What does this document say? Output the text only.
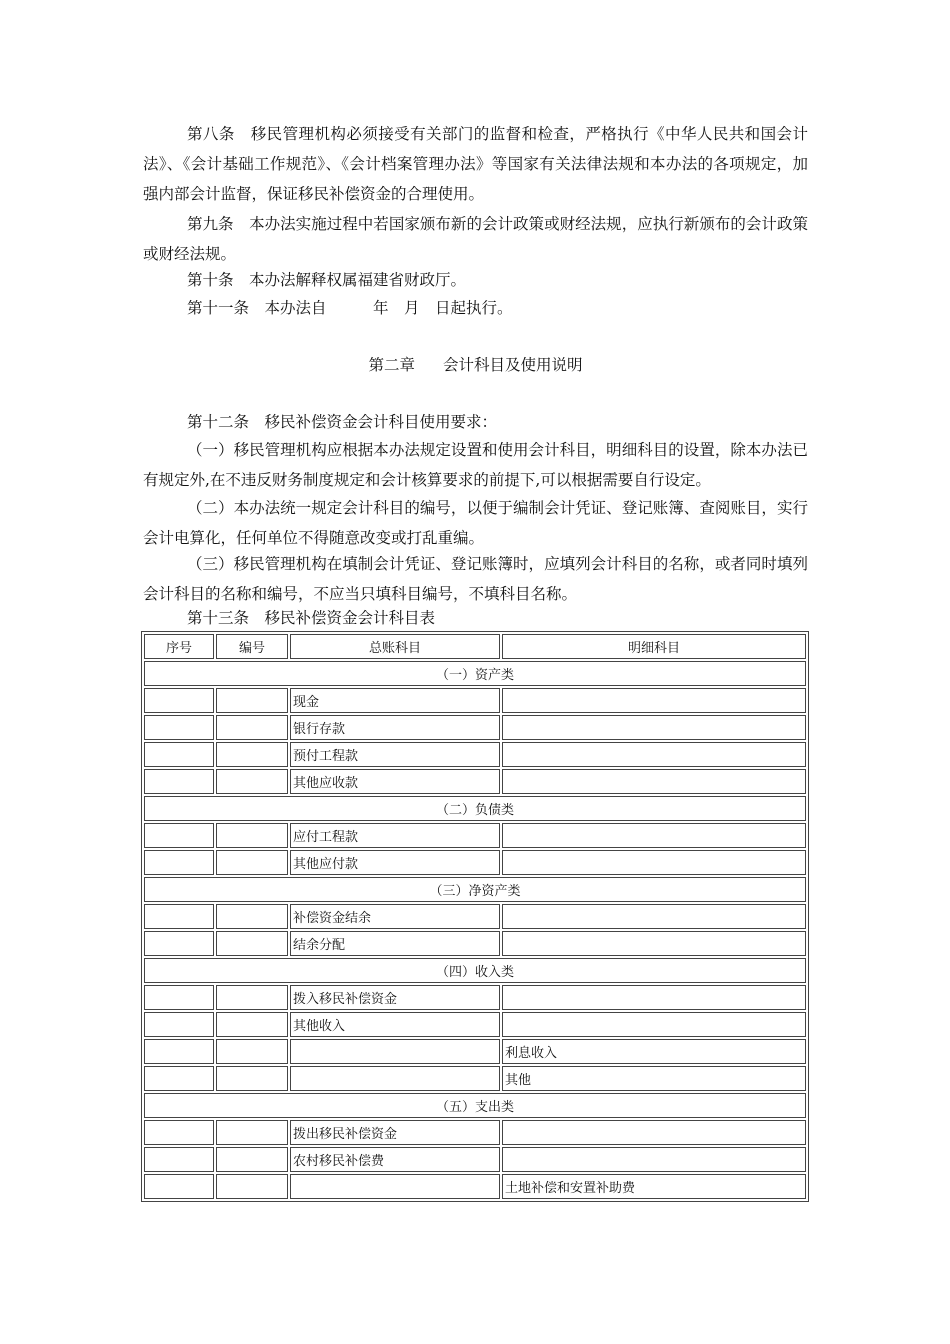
第八条　移民管理机构必须接受有关部门的监督和检查，严格执行《中华人民共和国会计法》、《会计基础工作规范》、《会计档案管理办法》等国家有关法律法规和本办法的各项规定，加强内部会计监督，保证移民补偿资金的合理使用。

第九条　本办法实施过程中若国家颁布新的会计政策或财经法规，应执行新颁布的会计政策或财经法规。

第十条　本办法解释权属福建省财政厅。

第十一条　本办法自　　　年　月　日起执行。

第二章 会计科目及使用说明

第十二条　移民补偿资金会计科目使用要求：

（一）移民管理机构应根据本办法规定设置和使用会计科目，明细科目的设置，除本办法已有规定外,在不违反财务制度规定和会计核算要求的前提下,可以根据需要自行设定。

（二）本办法统一规定会计科目的编号，以便于编制会计凭证、登记账簿、查阅账目，实行会计电算化，任何单位不得随意改变或打乱重编。

（三）移民管理机构在填制会计凭证、登记账簿时，应填列会计科目的名称，或者同时填列会计科目的名称和编号，不应当只填科目编号，不填科目名称。

第十三条　移民补偿资金会计科目表

序号	编号	总账科目	明细科目
（一）资产类			
		现金	
		银行存款	
		预付工程款	
		其他应收款	
（二）负债类			
		应付工程款	
		其他应付款	
（三）净资产类			
		补偿资金结余	
		结余分配	
（四）收入类			
		拨入移民补偿资金	
		其他收入	
			利息收入
			其他
（五）支出类			
		拨出移民补偿资金	
		农村移民补偿费	
			土地补偿和安置补助费
